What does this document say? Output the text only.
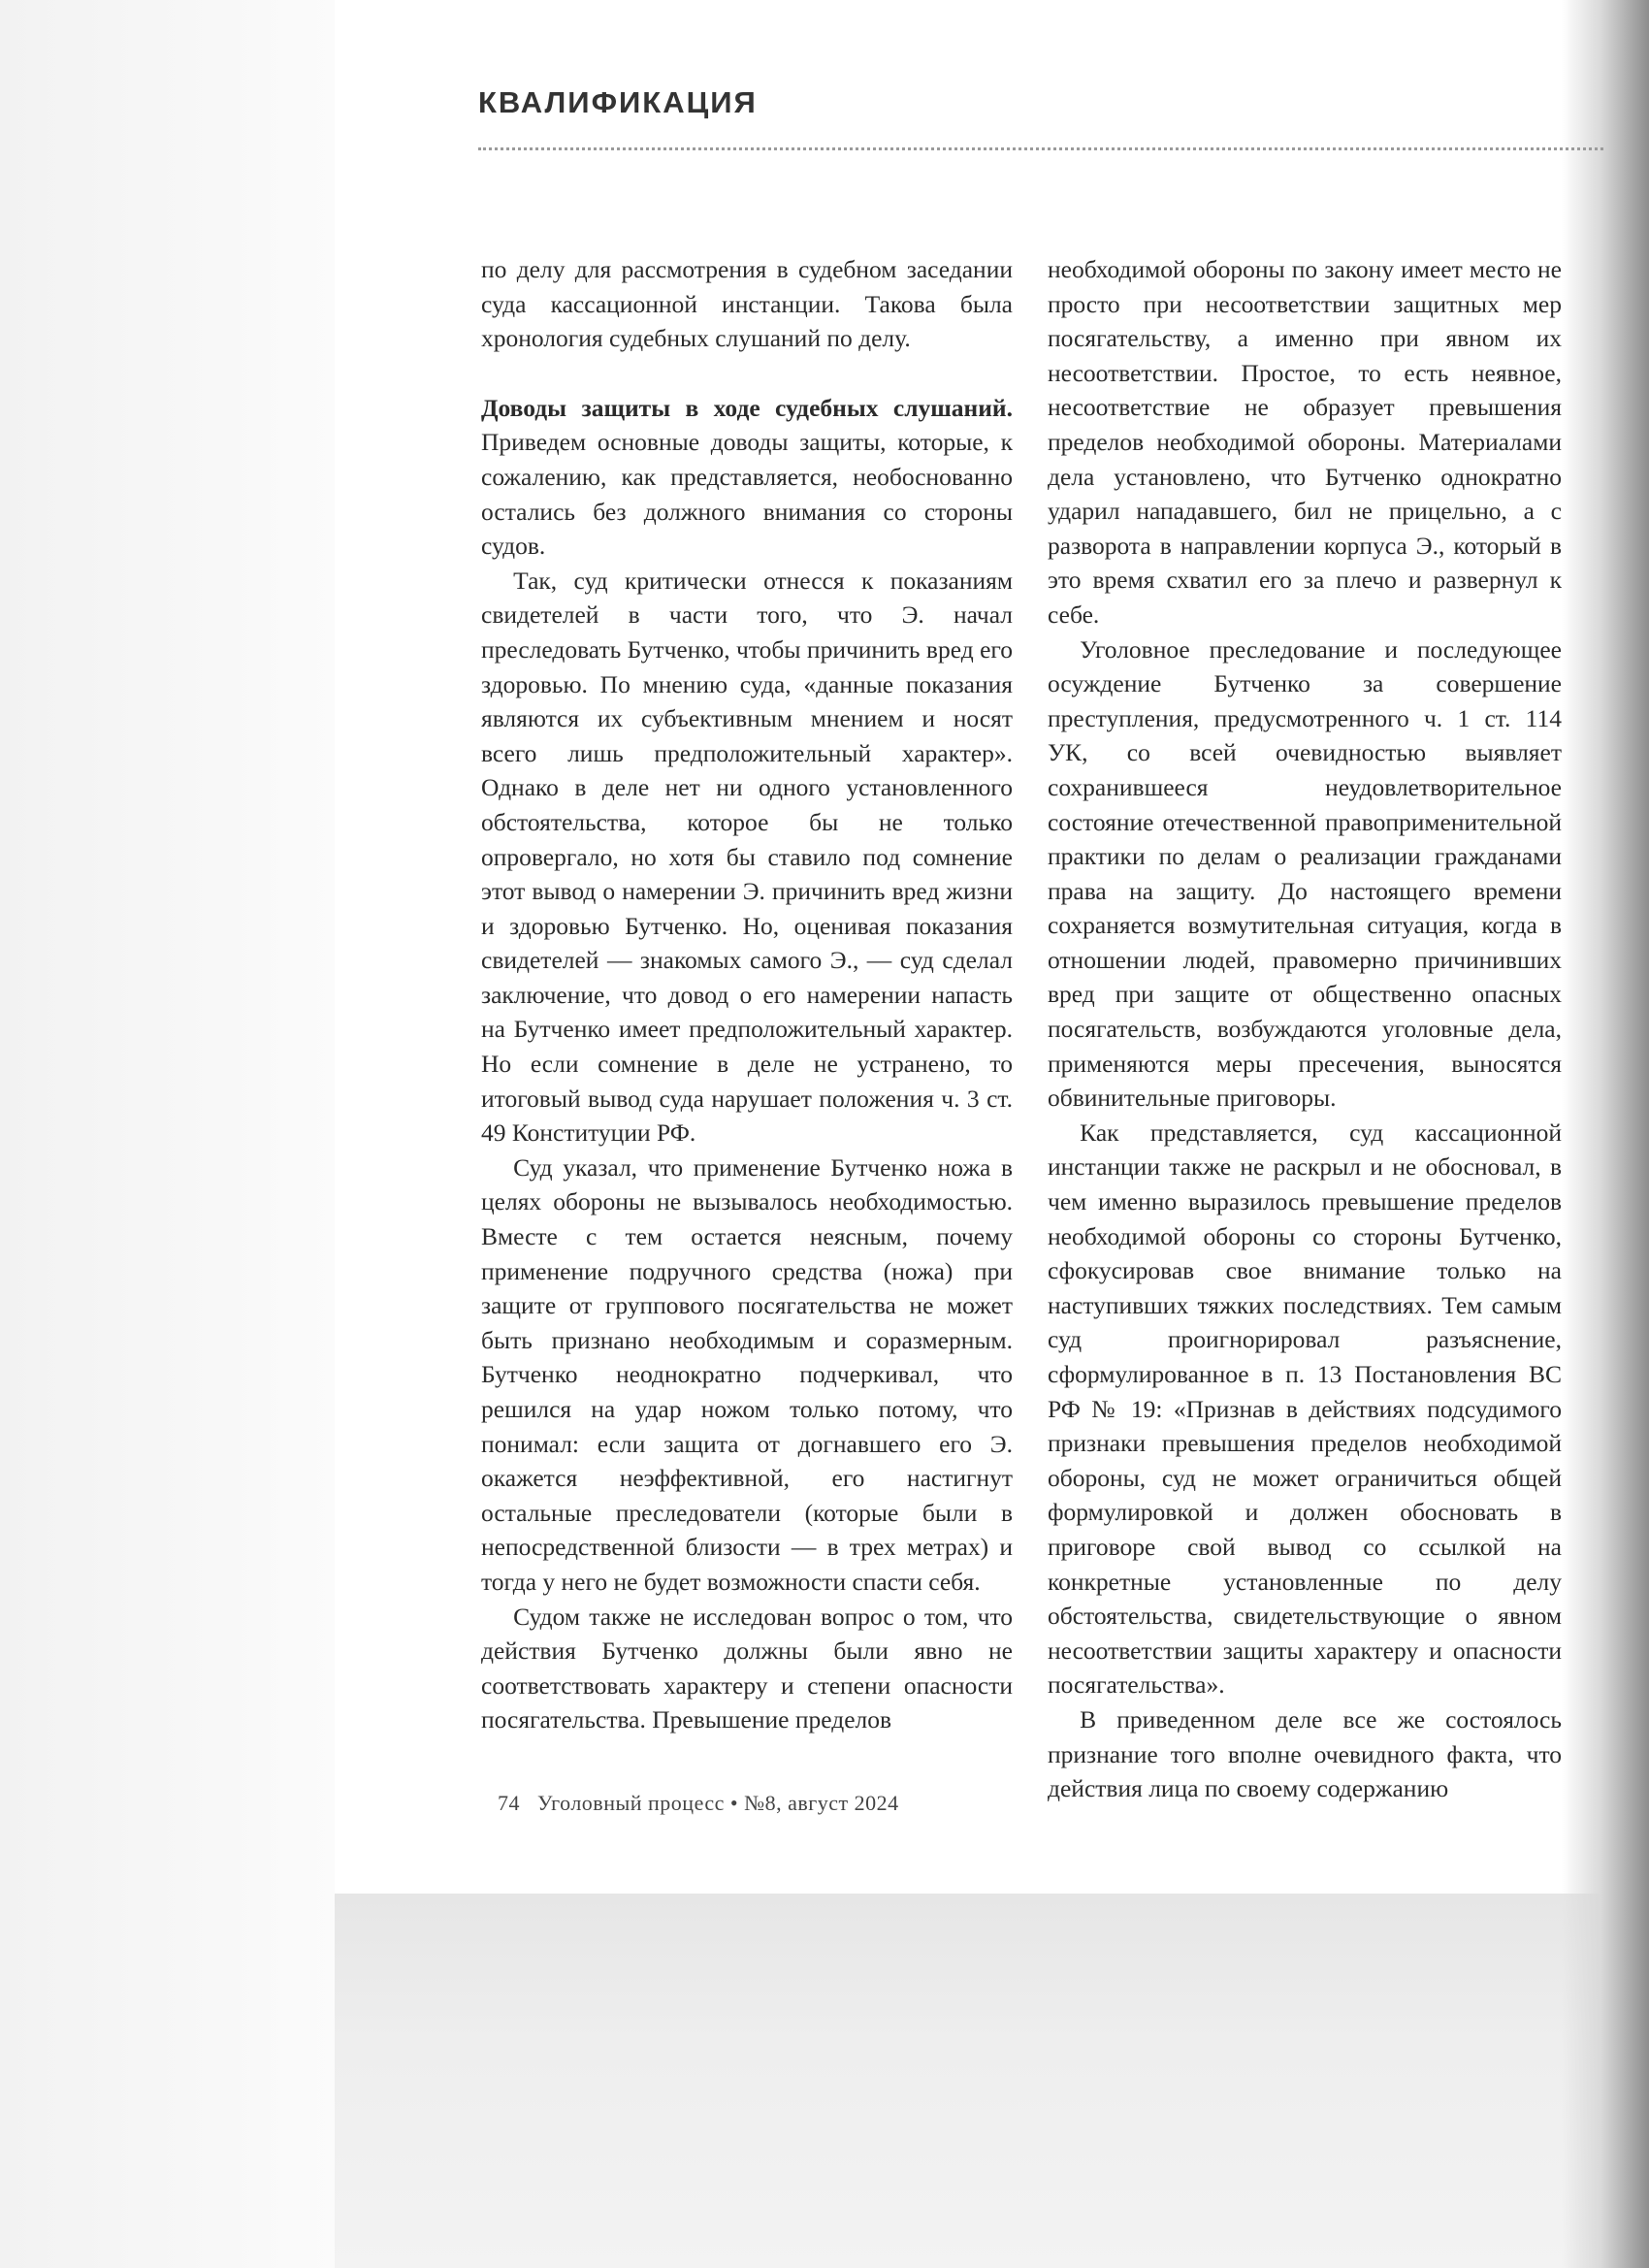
КВАЛИФИКАЦИЯ

по делу для рассмотрения в судебном заседании суда кассационной инстанции. Такова была хронология судебных слушаний по делу.

Доводы защиты в ходе судебных слушаний. Приведем основные доводы защиты, которые, к сожалению, как представляется, необоснованно остались без должного внимания со стороны судов.

Так, суд критически отнесся к показаниям свидетелей в части того, что Э. начал преследовать Бутченко, чтобы причинить вред его здоровью. По мнению суда, «данные показания являются их субъективным мнением и носят всего лишь предположительный характер». Однако в деле нет ни одного установленного обстоятельства, которое бы не только опровергало, но хотя бы ставило под сомнение этот вывод о намерении Э. причинить вред жизни и здоровью Бутченко. Но, оценивая показания свидетелей — знакомых самого Э., — суд сделал заключение, что довод о его намерении напасть на Бутченко имеет предположительный характер. Но если сомнение в деле не устранено, то итоговый вывод суда нарушает положения ч. 3 ст. 49 Конституции РФ.

Суд указал, что применение Бутченко ножа в целях обороны не вызывалось необходимостью. Вместе с тем остается неясным, почему применение подручного средства (ножа) при защите от группового посягательства не может быть признано необходимым и соразмерным. Бутченко неоднократно подчеркивал, что решился на удар ножом только потому, что понимал: если защита от догнавшего его Э. окажется неэффективной, его настигнут остальные преследователи (которые были в непосредственной близости — в трех метрах) и тогда у него не будет возможности спасти себя.

Судом также не исследован вопрос о том, что действия Бутченко должны были явно не соответствовать характеру и степени опасности посягательства. Превышение пределов

необходимой обороны по закону имеет место не просто при несоответствии защитных мер посягательству, а именно при явном их несоответствии. Простое, то есть неявное, несоответствие не образует превышения пределов необходимой обороны. Материалами дела установлено, что Бутченко однократно ударил нападавшего, бил не прицельно, а с разворота в направлении корпуса Э., который в это время схватил его за плечо и развернул к себе.

Уголовное преследование и последующее осуждение Бутченко за совершение преступления, предусмотренного ч. 1 ст. 114 УК, со всей очевидностью выявляет сохранившееся неудовлетворительное состояние отечественной правоприменительной практики по делам о реализации гражданами права на защиту. До настоящего времени сохраняется возмутительная ситуация, когда в отношении людей, правомерно причинивших вред при защите от общественно опасных посягательств, возбуждаются уголовные дела, применяются меры пресечения, выносятся обвинительные приговоры.

Как представляется, суд кассационной инстанции также не раскрыл и не обосновал, в чем именно выразилось превышение пределов необходимой обороны со стороны Бутченко, сфокусировав свое внимание только на наступивших тяжких последствиях. Тем самым суд проигнорировал разъяснение, сформулированное в п. 13 Постановления ВС РФ № 19: «Признав в действиях подсудимого признаки превышения пределов необходимой обороны, суд не может ограничиться общей формулировкой и должен обосновать в приговоре свой вывод со ссылкой на конкретные установленные по делу обстоятельства, свидетельствующие о явном несоответствии защиты характеру и опасности посягательства».

В приведенном деле все же состоялось признание того вполне очевидного факта, что действия лица по своему содержанию

74 Уголовный процесс • №8, август 2024
